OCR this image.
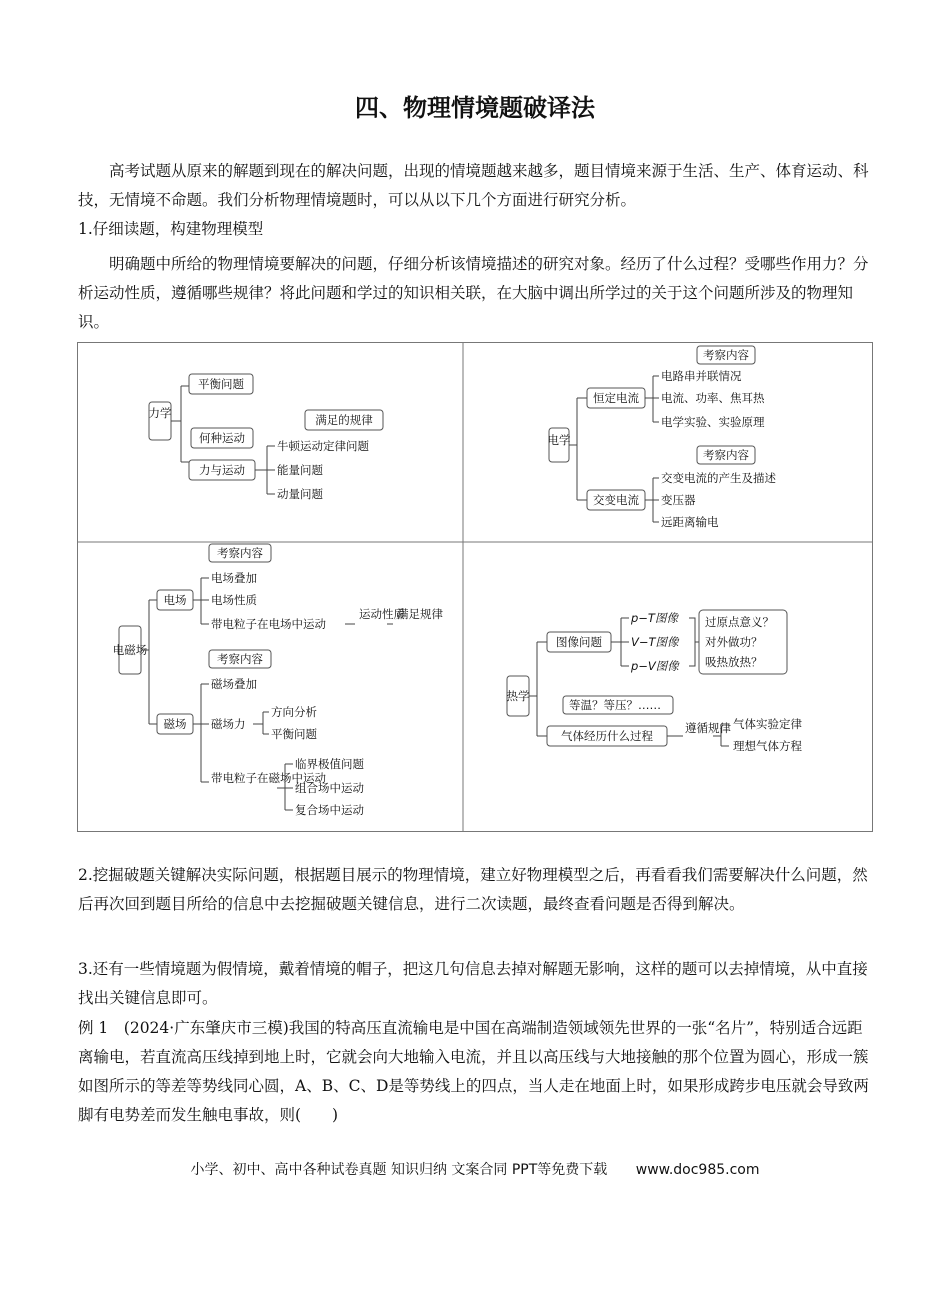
四、物理情境题破译法

高考试题从原来的解题到现在的解决问题，出现的情境题越来越多，题目情境来源于生活、生产、体育运动、科技，无情境不命题。我们分析物理情境题时，可以从以下几个方面进行研究分析。

1.仔细读题，构建物理模型

明确题中所给的物理情境要解决的问题，仔细分析该情境描述的研究对象。经历了什么过程？受哪些作用力？分析运动性质，遵循哪些规律？将此问题和学过的知识相关联，在大脑中调出所学过的关于这个问题所涉及的物理知识。

力学
平衡问题
何种运动
力与运动
满足的规律
牛顿运动定律问题
能量问题
动量问题
电学
恒定电流
考察内容
电路串并联情况
电流、功率、焦耳热
电学实验、实验原理
交变电流
考察内容
交变电流的产生及描述
变压器
远距离输电
电磁场
考察内容
电场
电场叠加
电场性质
带电粒子在电场中运动
运动性质
满足规律
考察内容
磁场
磁场叠加
磁场力
方向分析
平衡问题
带电粒子在磁场中运动
临界极值问题
组合场中运动
复合场中运动
热学
图像问题
p−T图像
V−T图像
p−V图像
过原点意义？
对外做功？
吸热放热？
等温？等压？……
气体经历什么过程
遵循规律 气体实验定律
理想气体方程

2.挖掘破题关键解决实际问题，根据题目展示的物理情境，建立好物理模型之后，再看看我们需要解决什么问题，然后再次回到题目所给的信息中去挖掘破题关键信息，进行二次读题，最终查看问题是否得到解决。

3.还有一些情境题为假情境，戴着情境的帽子，把这几句信息去掉对解题无影响，这样的题可以去掉情境，从中直接找出关键信息即可。

例 1　(2024·广东肇庆市三模)我国的特高压直流输电是中国在高端制造领域领先世界的一张“名片”，特别适合远距离输电，若直流高压线掉到地上时，它就会向大地输入电流，并且以高压线与大地接触的那个位置为圆心，形成一簇如图所示的等差等势线同心圆，A、B、C、D是等势线上的四点，当人走在地面上时，如果形成跨步电压就会导致两脚有电势差而发生触电事故，则(　　)

小学、初中、高中各种试卷真题 知识归纳 文案合同 PPT等免费下载 www.doc985.com
